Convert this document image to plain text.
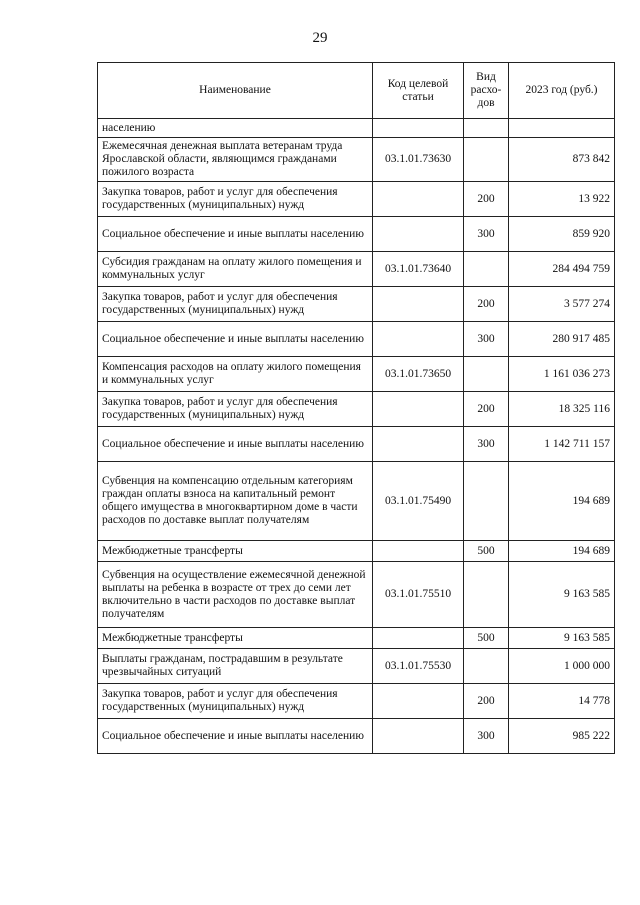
29
Наименование	Код целевой статьи	Вид расхо-дов	2023 год (руб.)
населению			
Ежемесячная денежная выплата ветеранам труда Ярославской области, являющимся гражданами пожилого возраста	03.1.01.73630		873 842
Закупка товаров, работ и услуг для обеспечения государственных (муниципальных) нужд		200	13 922
Социальное обеспечение и иные выплаты населению		300	859 920
Субсидия гражданам на оплату жилого помещения и коммунальных услуг	03.1.01.73640		284 494 759
Закупка товаров, работ и услуг для обеспечения государственных (муниципальных) нужд		200	3 577 274
Социальное обеспечение и иные выплаты населению		300	280 917 485
Компенсация расходов на оплату жилого помещения и коммунальных услуг	03.1.01.73650		1 161 036 273
Закупка товаров, работ и услуг для обеспечения государственных (муниципальных) нужд		200	18 325 116
Социальное обеспечение и иные выплаты населению		300	1 142 711 157
Субвенция на компенсацию отдельным категориям граждан оплаты взноса на капитальный ремонт общего имущества в многоквартирном доме в части расходов по доставке выплат получателям	03.1.01.75490		194 689
Межбюджетные трансферты		500	194 689
Субвенция на осуществление ежемесячной денежной выплаты на ребенка в возрасте от трех до семи лет включительно в части расходов по доставке выплат получателям	03.1.01.75510		9 163 585
Межбюджетные трансферты		500	9 163 585
Выплаты гражданам, пострадавшим в результате чрезвычайных ситуаций	03.1.01.75530		1 000 000
Закупка товаров, работ и услуг для обеспечения государственных (муниципальных) нужд		200	14 778
Социальное обеспечение и иные выплаты населению		300	985 222
